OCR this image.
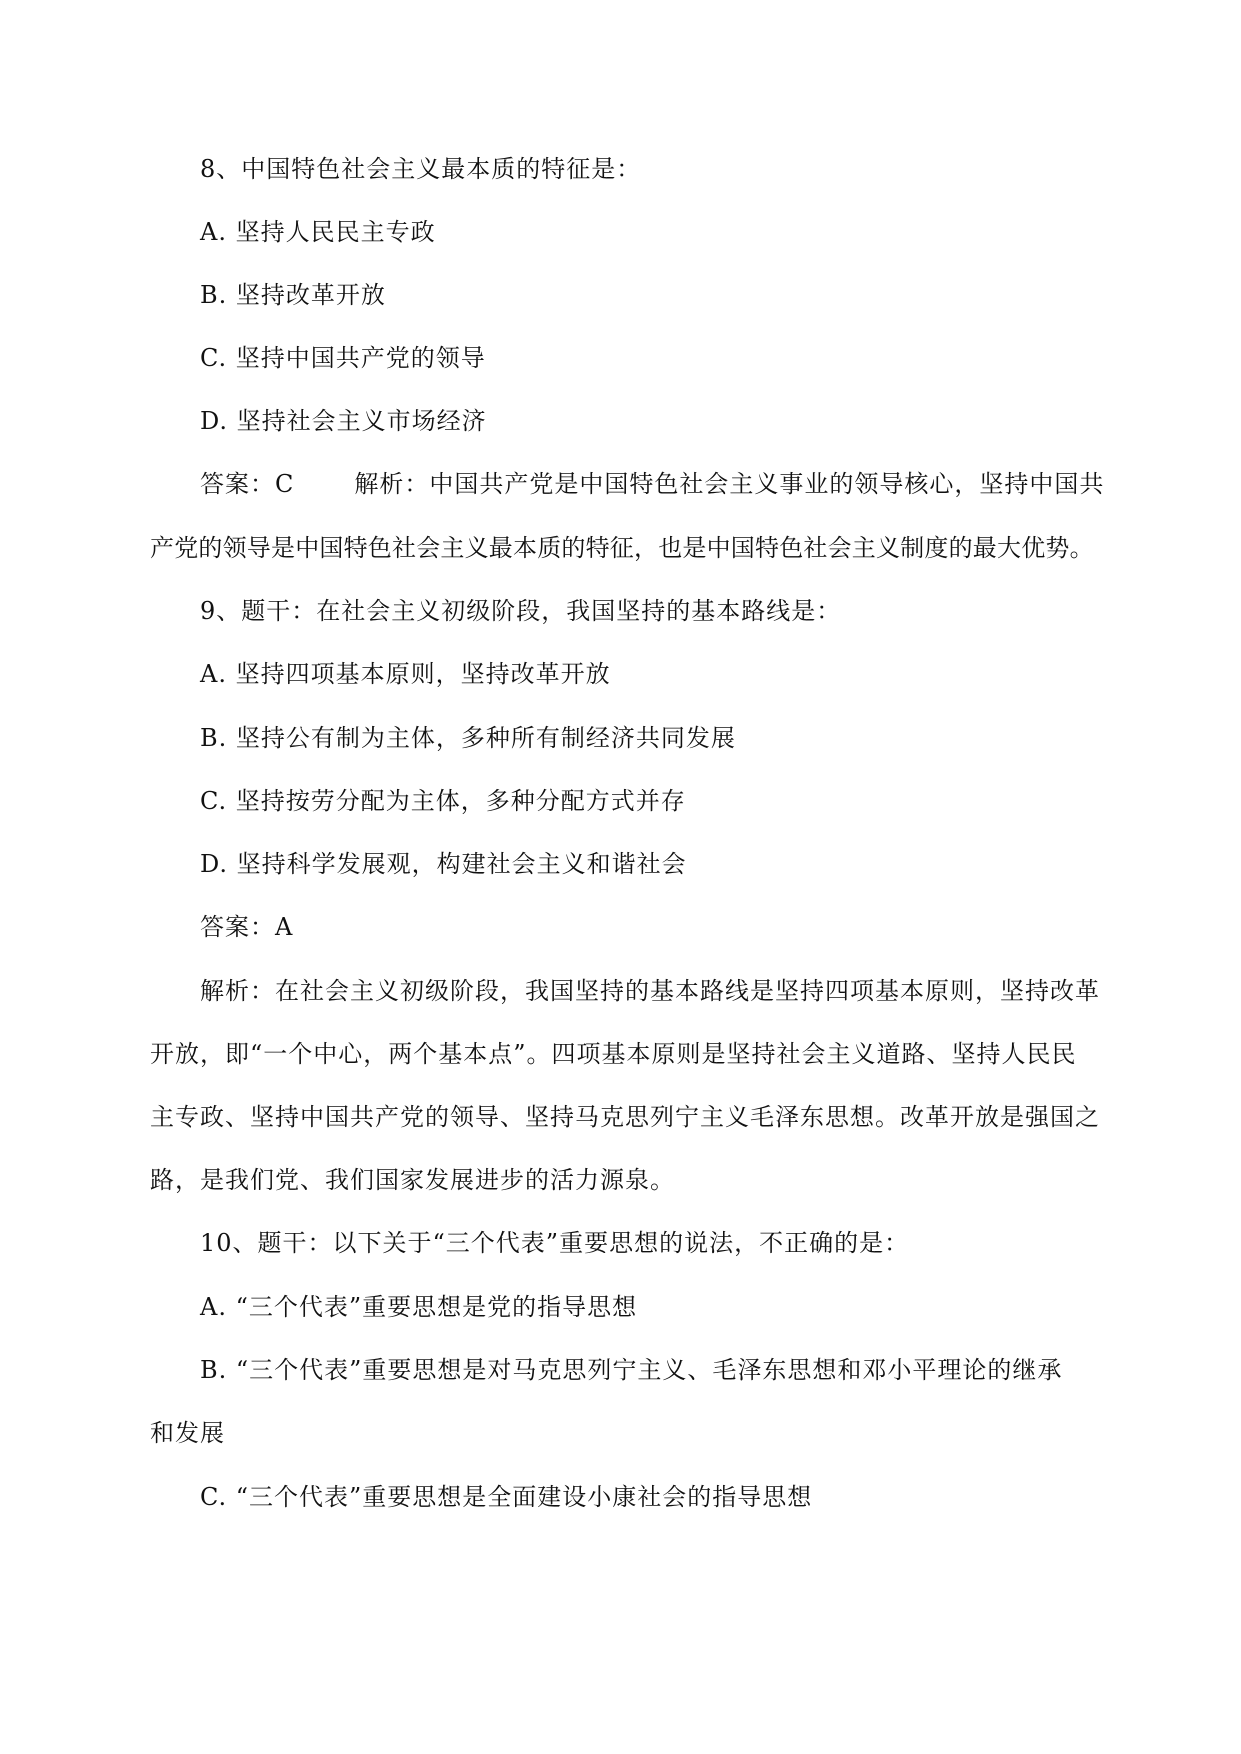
8、中国特色社会主义最本质的特征是：
A. 坚持人民民主专政
B. 坚持改革开放
C. 坚持中国共产党的领导
D. 坚持社会主义市场经济
答案：C	解析：中国共产党是中国特色社会主义事业的领导核心，坚持中国共
产党的领导是中国特色社会主义最本质的特征，也是中国特色社会主义制度的最大优势。
9、题干：在社会主义初级阶段，我国坚持的基本路线是：
A. 坚持四项基本原则，坚持改革开放
B. 坚持公有制为主体，多种所有制经济共同发展
C. 坚持按劳分配为主体，多种分配方式并存
D. 坚持科学发展观，构建社会主义和谐社会
答案：A
解析：在社会主义初级阶段，我国坚持的基本路线是坚持四项基本原则，坚持改革
开放，即“一个中心，两个基本点”。四项基本原则是坚持社会主义道路、坚持人民民
主专政、坚持中国共产党的领导、坚持马克思列宁主义毛泽东思想。改革开放是强国之
路，是我们党、我们国家发展进步的活力源泉。
10、题干：以下关于“三个代表”重要思想的说法，不正确的是：
A. “三个代表”重要思想是党的指导思想
B. “三个代表”重要思想是对马克思列宁主义、毛泽东思想和邓小平理论的继承
和发展
C. “三个代表”重要思想是全面建设小康社会的指导思想
